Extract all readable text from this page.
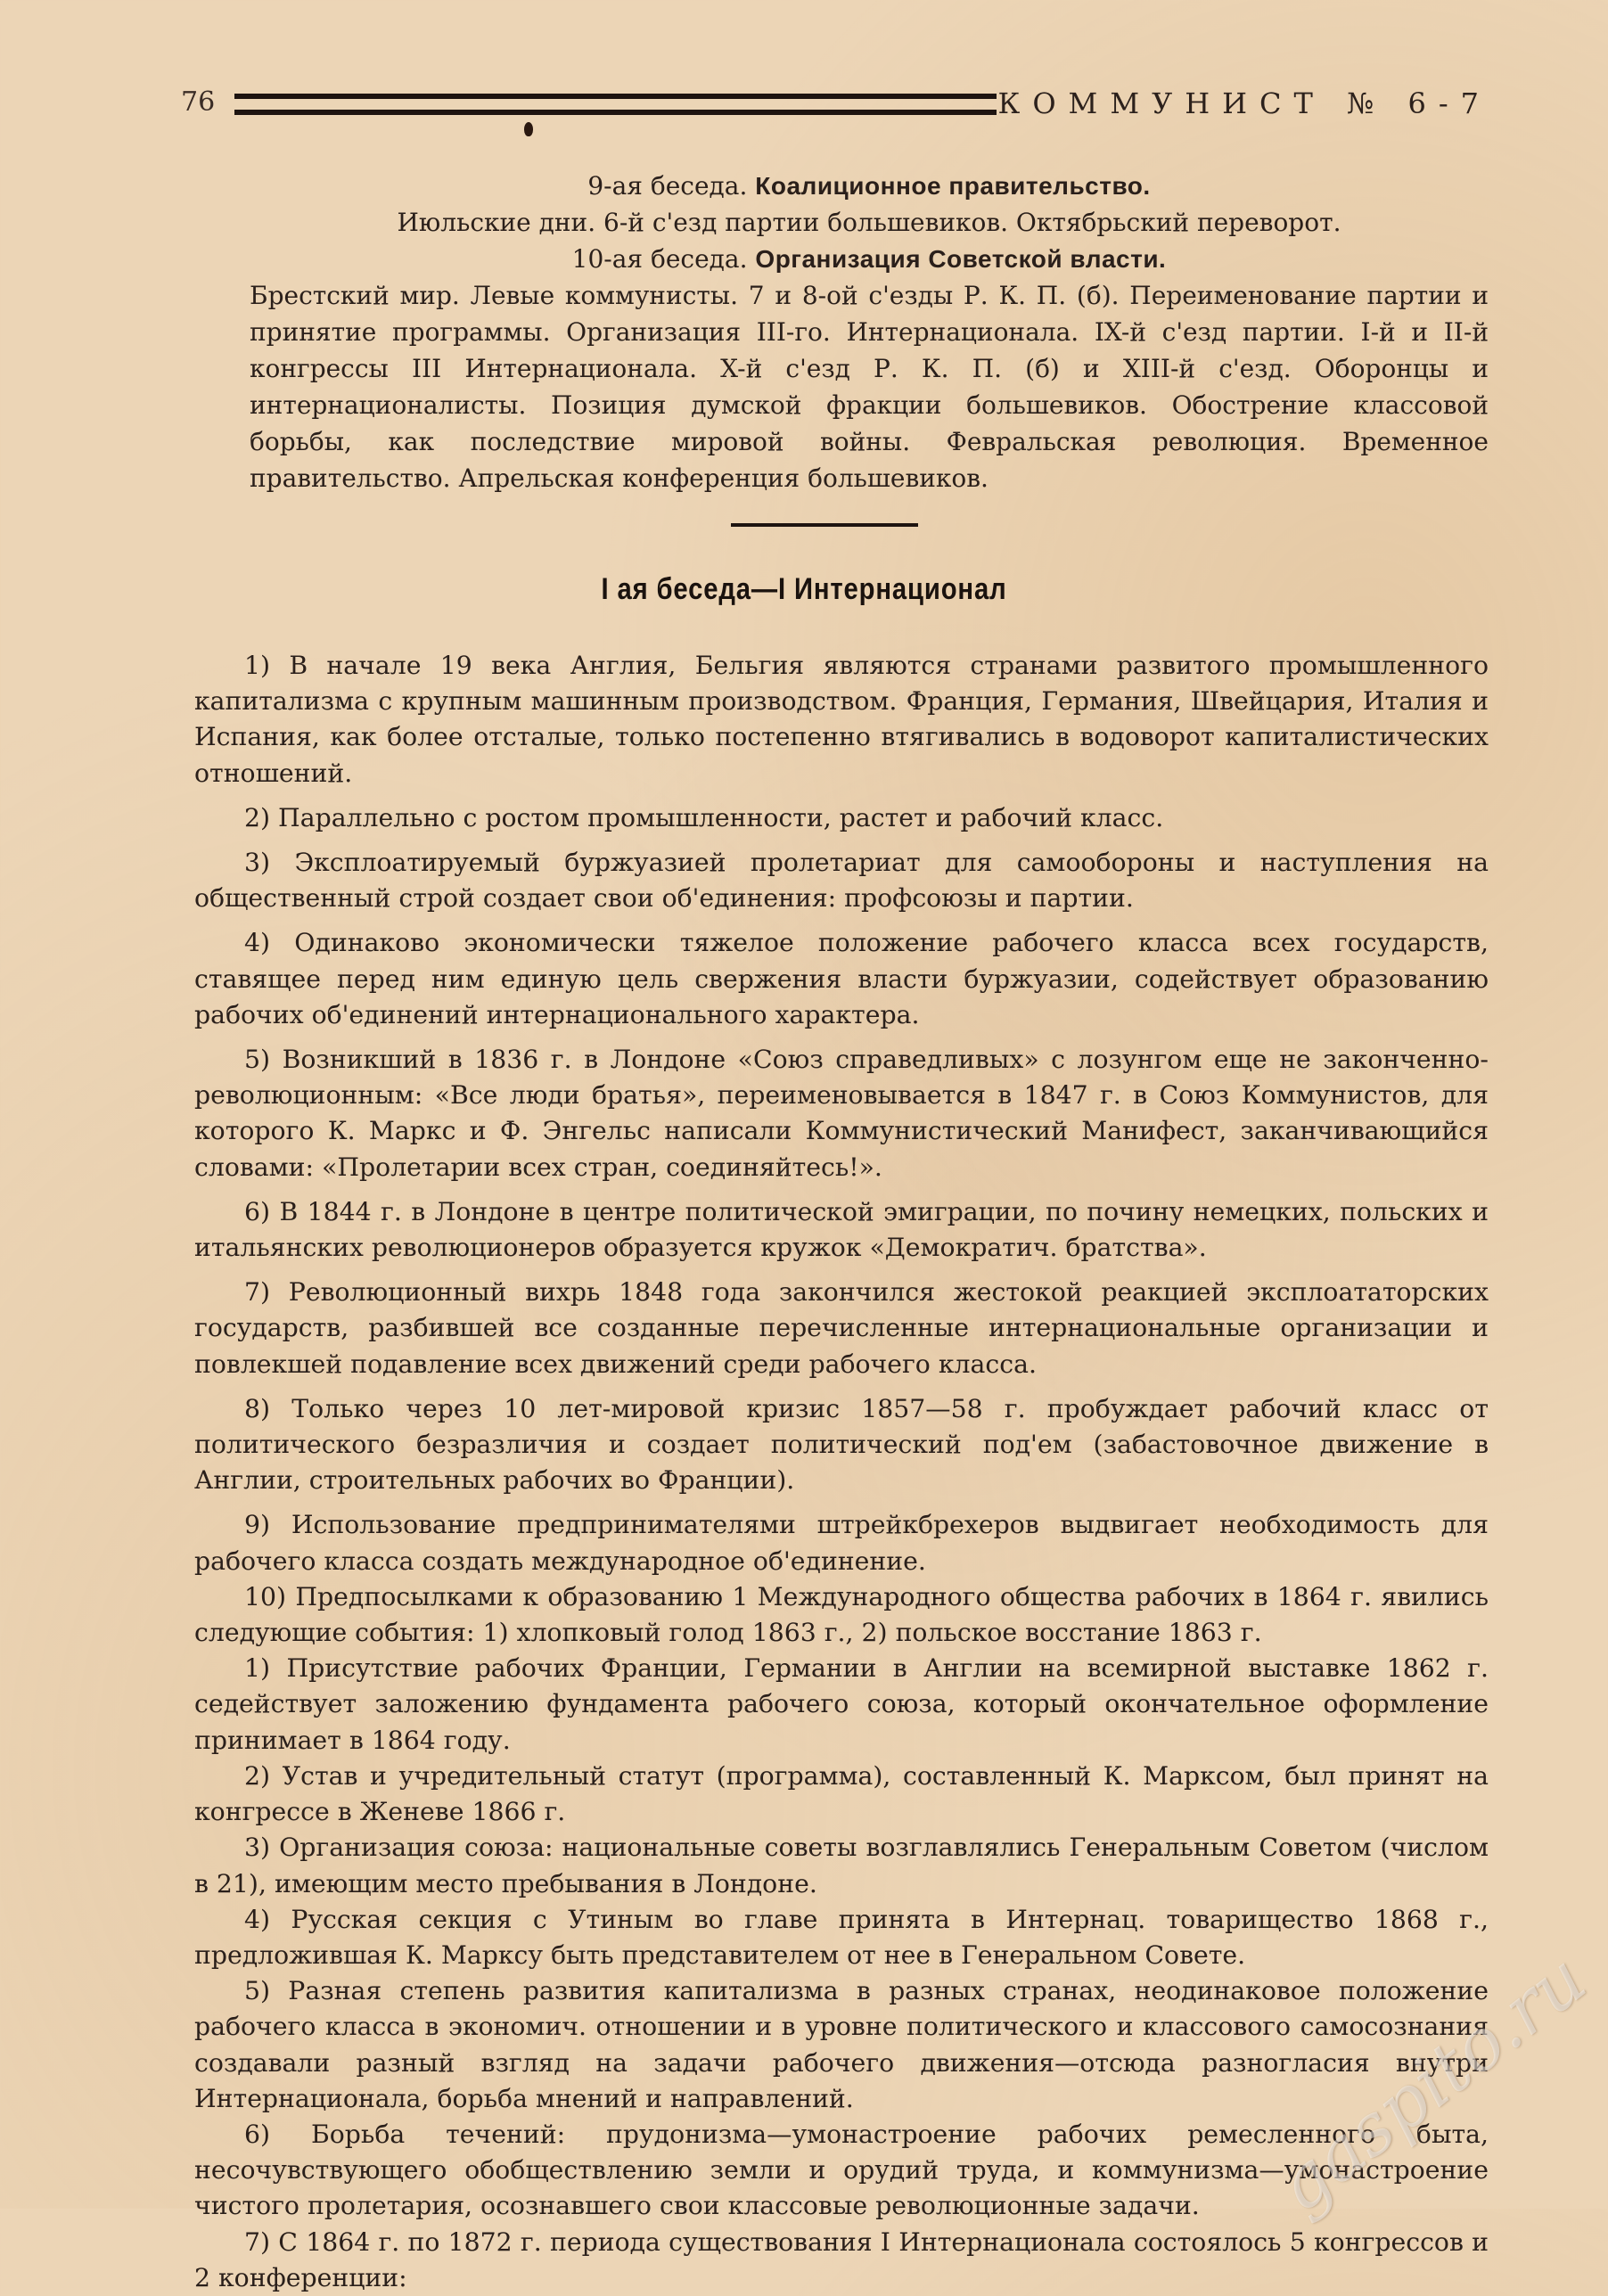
76	КОММУНИСТ № 6-7
9-ая беседа. Коалиционное правительство.
Июльские дни. 6-й с'езд партии большевиков. Октябрьский переворот.
10-ая беседа. Организация Советской власти.
Брестский мир. Левые коммунисты. 7 и 8-ой с'езды Р. К. П. (б). Переименование партии и принятие программы. Организация III-го. Интернационала. IX-й с'езд партии. I-й и II-й конгрессы III Интернационала. X-й с'езд Р. К. П. (б) и XIII-й с'езд. Оборонцы и интернационалисты. Позиция думской фракции большевиков. Обострение классовой борьбы, как последствие мировой войны. Февральская революция. Временное правительство. Апрельская конференция большевиков.
I ая беседа—I Интернационал

1) В начале 19 века Англия, Бельгия являются странами развитого промышленного капитализма с крупным машинным производством. Франция, Германия, Швейцария, Италия и Испания, как более отсталые, только постепенно втягивались в водоворот капиталистических отношений.

2) Параллельно с ростом промышленности, растет и рабочий класс.

3) Эксплоатируемый буржуазией пролетариат для самообороны и наступления на общественный строй создает свои об'единения: профсоюзы и партии.

4) Одинаково экономически тяжелое положение рабочего класса всех государств, ставящее перед ним единую цель свержения власти буржуазии, содействует образованию рабочих об'единений интернационального характера.

5) Возникший в 1836 г. в Лондоне «Союз справедливых» с лозунгом еще не законченно-революционным: «Все люди братья», переименовывается в 1847 г. в Союз Коммунистов, для которого К. Маркс и Ф. Энгельс написали Коммунистический Манифест, заканчивающийся словами: «Пролетарии всех стран, соединяйтесь!».

6) В 1844 г. в Лондоне в центре политической эмиграции, по почину немецких, польских и итальянских революционеров образуется кружок «Демократич. братства».

7) Революционный вихрь 1848 года закончился жестокой реакцией эксплоататорских государств, разбившей все созданные перечисленные интернациональные организации и повлекшей подавление всех движений среди рабочего класса.

8) Только через 10 лет-мировой кризис 1857—58 г. пробуждает рабочий класс от политического безразличия и создает политический под'ем (забастовочное движение в Англии, строительных рабочих во Франции).

9) Использование предпринимателями штрейкбрехеров выдвигает необходимость для рабочего класса создать международное об'единение.

10) Предпосылками к образованию 1 Международного общества рабочих в 1864 г. явились следующие события: 1) хлопковый голод 1863 г., 2) польское восстание 1863 г.

1) Присутствие рабочих Франции, Германии в Англии на всемирной выставке 1862 г. седействует заложению фундамента рабочего союза, который окончательное оформление принимает в 1864 году.

2) Устав и учредительный статут (программа), составленный К. Марксом, был принят на конгрессе в Женеве 1866 г.

3) Организация союза: национальные советы возглавлялись Генеральным Советом (числом в 21), имеющим место пребывания в Лондоне.

4) Русская секция с Утиным во главе принята в Интернац. товарищество 1868 г., предложившая К. Марксу быть представителем от нее в Генеральном Совете.

5) Разная степень развития капитализма в разных странах, неодинаковое положение рабочего класса в экономич. отношении и в уровне политического и классового самосознания создавали разный взгляд на задачи рабочего движения—отсюда разногласия внутри Интернационала, борьба мнений и направлений.

6) Борьба течений: прудонизма—умонастроение рабочих ремесленного быта, несочувствующего обобществлению земли и орудий труда, и коммунизма—умонастроение чистого пролетария, осознавшего свои классовые революционные задачи.

7) С 1864 г. по 1872 г. периода существования I Интернационала состоялось 5 конгрессов и 2 конференции:

gaspito.ru
